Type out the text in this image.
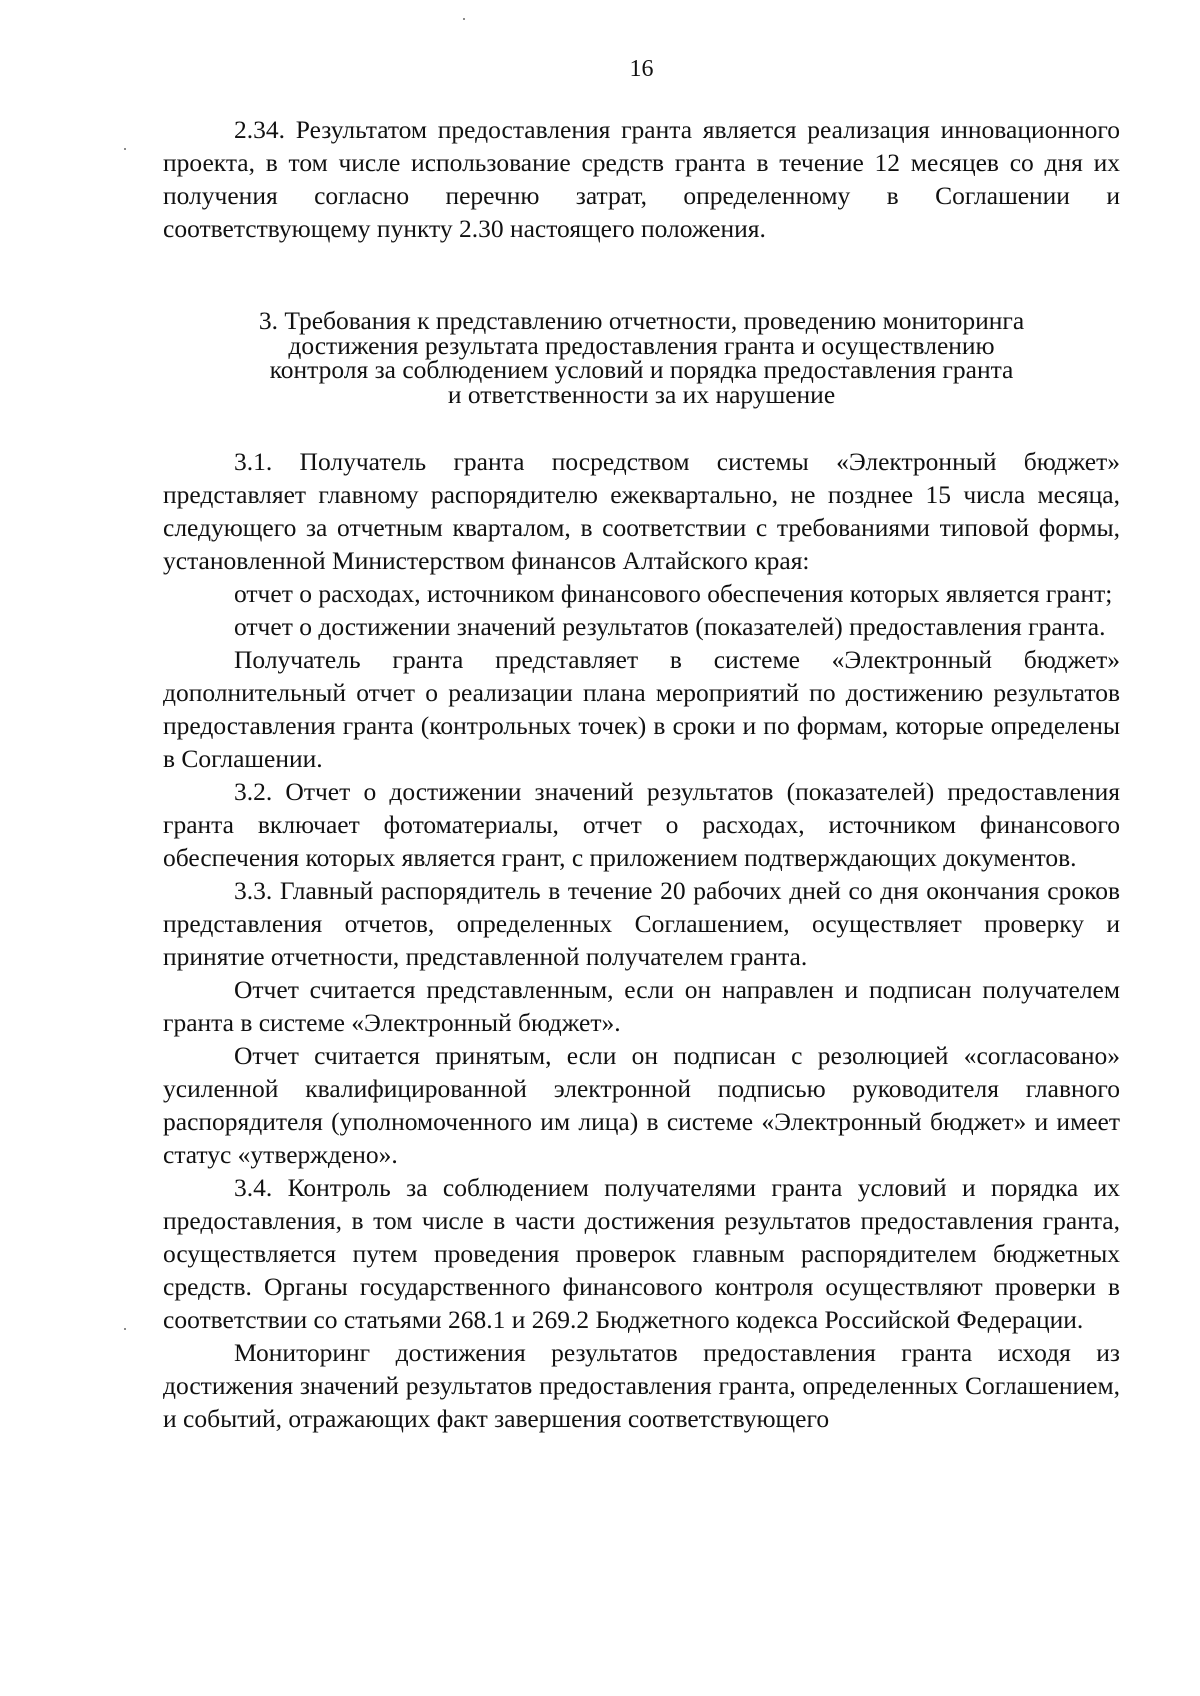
16

2.34. Результатом предоставления гранта является реализация инновационного проекта, в том числе использование средств гранта в течение 12 месяцев со дня их получения согласно перечню затрат, определенному в Соглашении и соответствующему пункту 2.30 настоящего положения.

3. Требования к представлению отчетности, проведению мониторинга
достижения результата предоставления гранта и осуществлению
контроля за соблюдением условий и порядка предоставления гранта
и ответственности за их нарушение

3.1. Получатель гранта посредством системы «Электронный бюджет» представляет главному распорядителю ежеквартально, не позднее 15 числа месяца, следующего за отчетным кварталом, в соответствии с требованиями типовой формы, установленной Министерством финансов Алтайского края:

отчет о расходах, источником финансового обеспечения которых является грант;

отчет о достижении значений результатов (показателей) предоставления гранта.

Получатель гранта представляет в системе «Электронный бюджет» дополнительный отчет о реализации плана мероприятий по достижению результатов предоставления гранта (контрольных точек) в сроки и по формам, которые определены в Соглашении.

3.2. Отчет о достижении значений результатов (показателей) предоставления гранта включает фотоматериалы, отчет о расходах, источником финансового обеспечения которых является грант, с приложением подтверждающих документов.

3.3. Главный распорядитель в течение 20 рабочих дней со дня окончания сроков представления отчетов, определенных Соглашением, осуществляет проверку и принятие отчетности, представленной получателем гранта.

Отчет считается представленным, если он направлен и подписан получателем гранта в системе «Электронный бюджет».

Отчет считается принятым, если он подписан с резолюцией «согласовано» усиленной квалифицированной электронной подписью руководителя главного распорядителя (уполномоченного им лица) в системе «Электронный бюджет» и имеет статус «утверждено».

3.4. Контроль за соблюдением получателями гранта условий и порядка их предоставления, в том числе в части достижения результатов предоставления гранта, осуществляется путем проведения проверок главным распорядителем бюджетных средств. Органы государственного финансового контроля осуществляют проверки в соответствии со статьями 268.1 и 269.2 Бюджетного кодекса Российской Федерации.

Мониторинг достижения результатов предоставления гранта исходя из достижения значений результатов предоставления гранта, определенных Соглашением, и событий, отражающих факт завершения соответствующего
